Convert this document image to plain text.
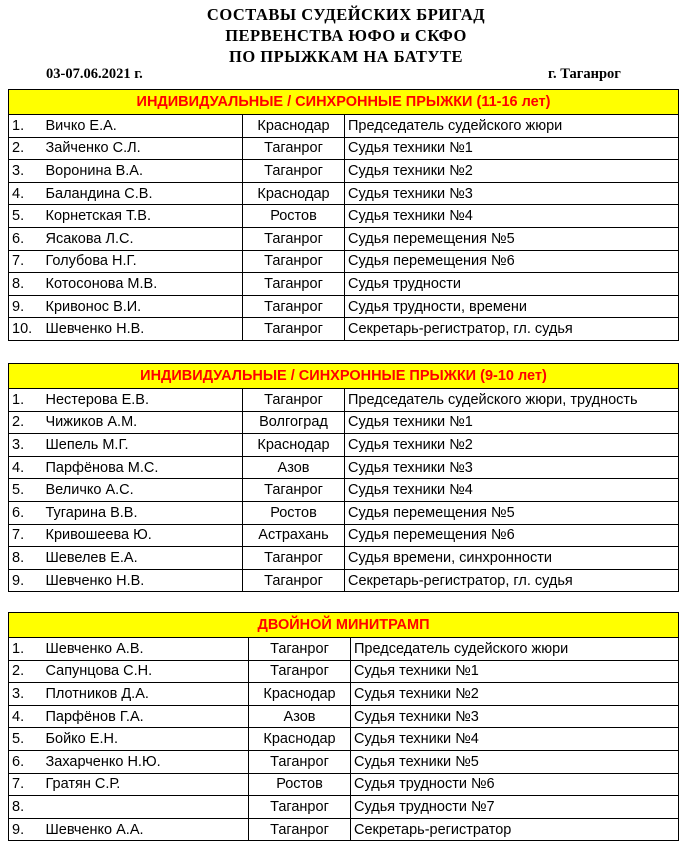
СОСТАВЫ СУДЕЙСКИХ БРИГАД
ПЕРВЕНСТВА ЮФО и СКФО
ПО ПРЫЖКАМ НА БАТУТЕ
03-07.06.2021 г.	г. Таганрог
ИНДИВИДУАЛЬНЫЕ / СИНХРОННЫЕ ПРЫЖКИ (11-16 лет)			
1.	Вичко Е.А.	Краснодар	Председатель судейского жюри
2.	Зайченко С.Л.	Таганрог	Судья техники №1
3.	Воронина В.А.	Таганрог	Судья техники №2
4.	Баландина С.В.	Краснодар	Судья техники №3
5.	Корнетская Т.В.	Ростов	Судья техники №4
6.	Ясакова Л.С.	Таганрог	Судья перемещения №5
7.	Голубова Н.Г.	Таганрог	Судья перемещения №6
8.	Котосонова М.В.	Таганрог	Судья трудности
9.	Кривонос В.И.	Таганрог	Судья трудности, времени
10.	Шевченко Н.В.	Таганрог	Секретарь-регистратор, гл. судья
ИНДИВИДУАЛЬНЫЕ / СИНХРОННЫЕ ПРЫЖКИ (9-10 лет)			
1.	Нестерова Е.В.	Таганрог	Председатель судейского жюри, трудность
2.	Чижиков А.М.	Волгоград	Судья техники №1
3.	Шепель М.Г.	Краснодар	Судья техники №2
4.	Парфёнова М.С.	Азов	Судья техники №3
5.	Величко А.С.	Таганрог	Судья техники №4
6.	Тугарина В.В.	Ростов	Судья перемещения №5
7.	Кривошеева Ю.	Астрахань	Судья перемещения №6
8.	Шевелев Е.А.	Таганрог	Судья времени, синхронности
9.	Шевченко Н.В.	Таганрог	Секретарь-регистратор, гл. судья
ДВОЙНОЙ МИНИТРАМП			
1.	Шевченко А.В.	Таганрог	Председатель судейского жюри
2.	Сапунцова С.Н.	Таганрог	Судья техники №1
3.	Плотников Д.А.	Краснодар	Судья техники №2
4.	Парфёнов Г.А.	Азов	Судья техники №3
5.	Бойко Е.Н.	Краснодар	Судья техники №4
6.	Захарченко Н.Ю.	Таганрог	Судья техники №5
7.	Гратян С.Р.	Ростов	Судья трудности №6
8.		Таганрог	Судья трудности №7
9.	Шевченко А.А.	Таганрог	Секретарь-регистратор
